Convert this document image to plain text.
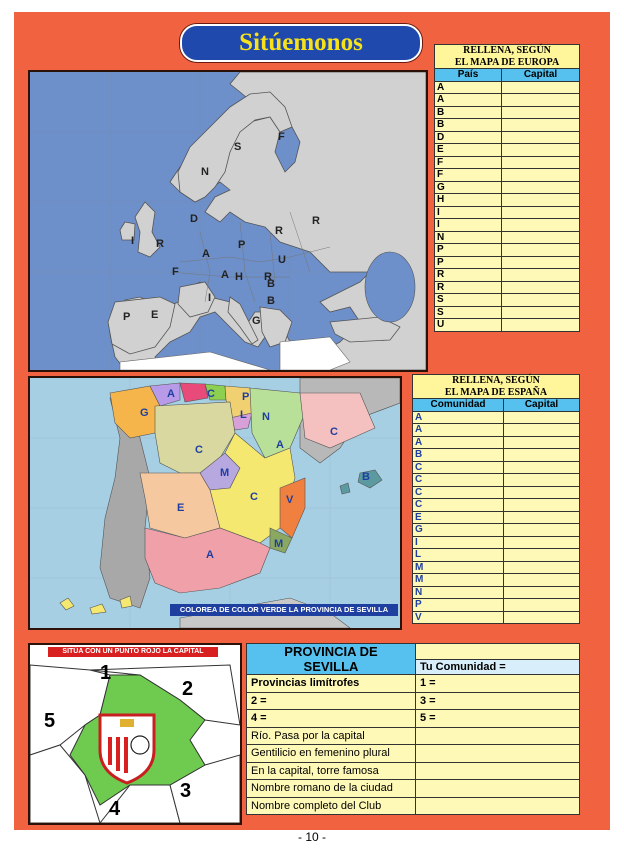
Sitúemonos
F
S
N
D	R
R
I R
A
P
U
F	A H R
B
I
P E
B
G
RELLENA, SEGÚN
EL MAPA DE EUROPA	

País	Capital
A	
A	
B	
B	
D	
E	
F	
F	
G	
H	
I	
I	
N	
P	
P	
R	
R	
S	
S	
U	
A	C P
G	L N
C
A
C
M
C
E
V
B
A
M
COLOREA DE COLOR VERDE LA PROVINCIA DE SEVILLA
RELLENA, SEGÚN
EL MAPA DE ESPAÑA	

Comunidad	Capital
A	
A	
A	
B	
C	
C	
C	
C	
E	
G	
I	
L	
M	
M	
N	
P	
V	
1
2
3
4
5
SITÚA CON UN PUNTO ROJO LA CAPITAL	PROVINCIA DE
SEVILLA	

	Tu Comunidad =
Provincias limítrofes	1 =
2 =	3 =
4 =	5 =
Río. Pasa por la capital	
Gentilicio en femenino plural	
En la capital, torre famosa	
Nombre romano de la ciudad	
Nombre completo del Club	
- 10 -
